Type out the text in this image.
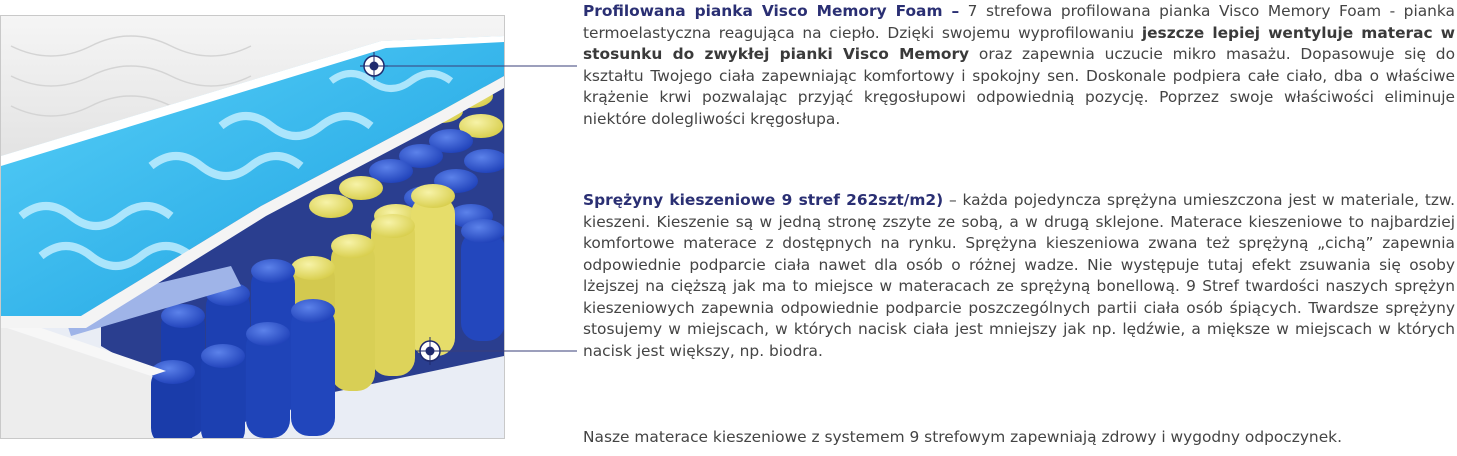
Profilowana pianka Visco Memory Foam – 7 strefowa profilowana pianka Visco Memory Foam - pianka termoelastyczna reagująca na ciepło. Dzięki swojemu wyprofilowaniu jeszcze lepiej wentyluje materac w stosunku do zwykłej pianki Visco Memory oraz zapewnia uczucie mikro masażu. Dopasowuje się do kształtu Twojego ciała zapewniając komfortowy i spokojny sen. Doskonale podpiera całe ciało, dba o właściwe krążenie krwi pozwalając przyjąć kręgosłupowi odpowiednią pozycję. Poprzez swoje właściwości eliminuje niektóre dolegliwości kręgosłupa.
Sprężyny kieszeniowe 9 stref 262szt/m2) – każda pojedyncza sprężyna umieszczona jest w materiale, tzw. kieszeni. Kieszenie są w jedną stronę zszyte ze sobą, a w drugą sklejone. Materace kieszeniowe to najbardziej komfortowe materace z dostępnych na rynku. Sprężyna kieszeniowa zwana też sprężyną „cichą” zapewnia odpowiednie podparcie ciała nawet dla osób o różnej wadze. Nie występuje tutaj efekt zsuwania się osoby lżejszej na cięższą jak ma to miejsce w materacach ze sprężyną bonellową. 9 Stref twardości naszych sprężyn kieszeniowych zapewnia odpowiednie podparcie poszczególnych partii ciała osób śpiących. Twardsze sprężyny stosujemy w miejscach, w których nacisk ciała jest mniejszy jak np. lędźwie, a miększe w miejscach w których nacisk jest większy, np. biodra.
Nasze materace kieszeniowe z systemem 9 strefowym zapewniają zdrowy i wygodny odpoczynek.
